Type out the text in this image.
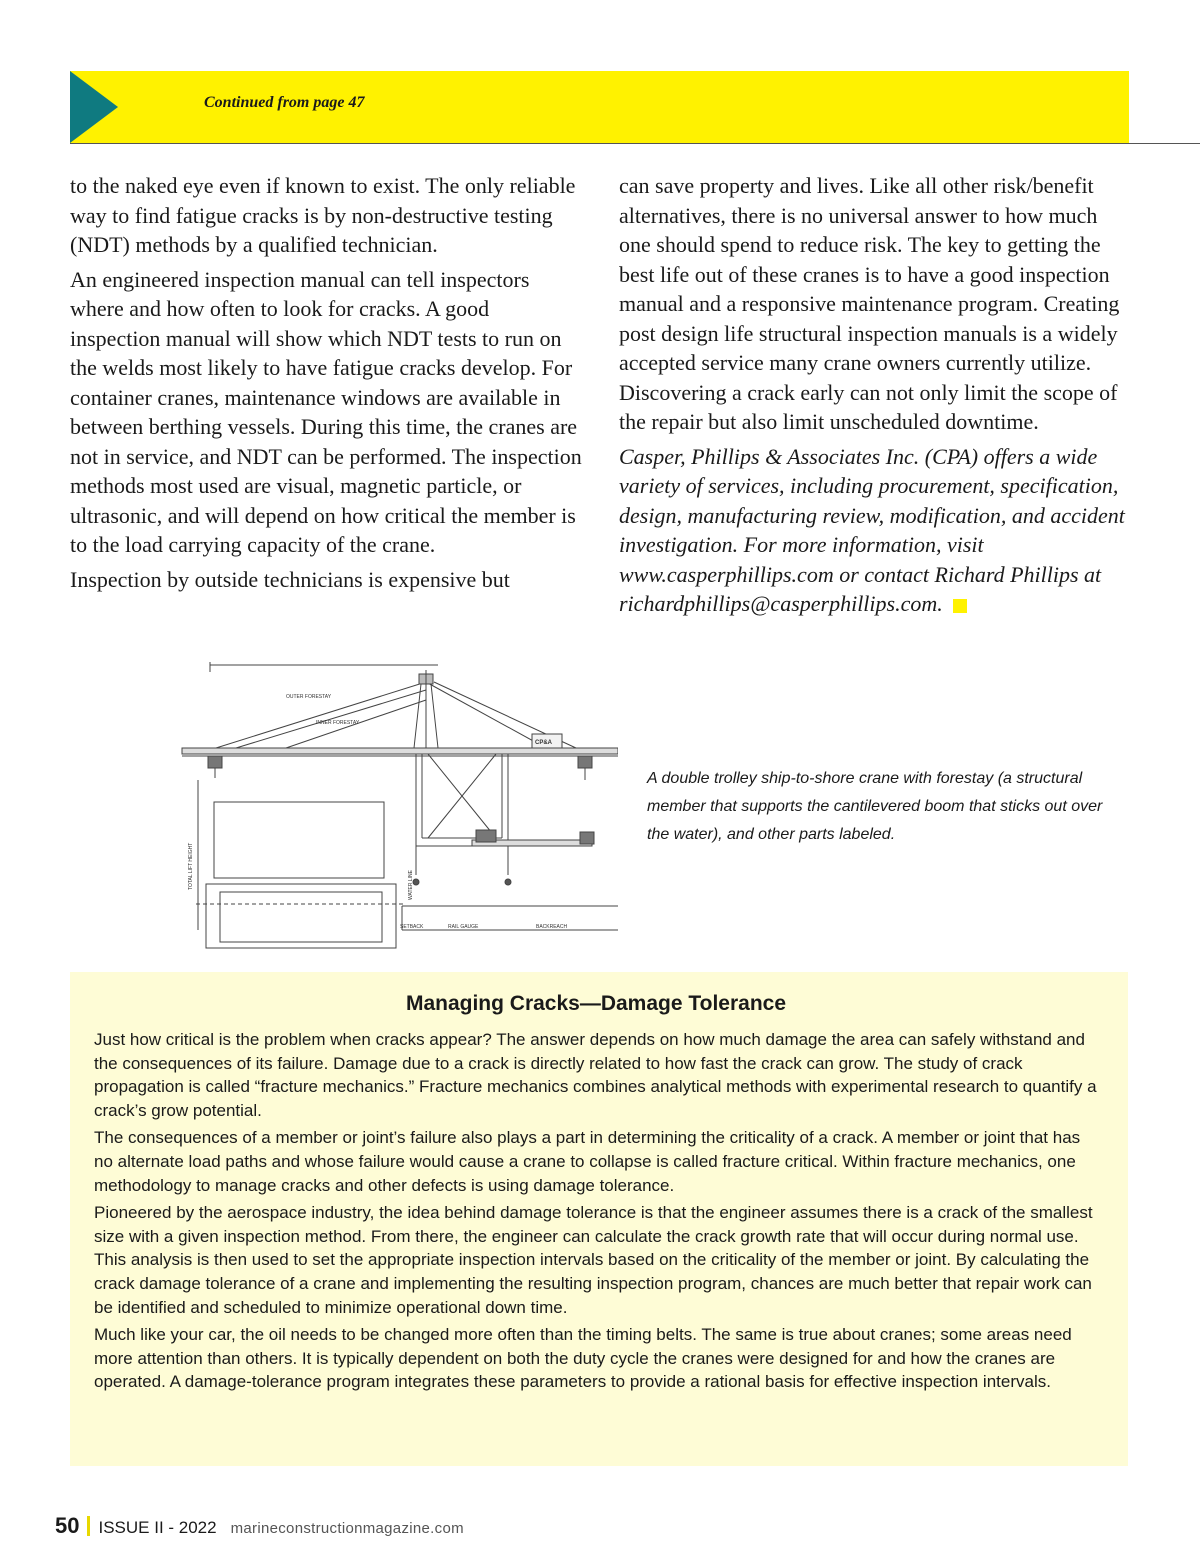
Continued from page 47

to the naked eye even if known to exist. The only reliable way to find fatigue cracks is by non-destructive testing (NDT) methods by a qualified technician.

An engineered inspection manual can tell inspectors where and how often to look for cracks. A good inspection manual will show which NDT tests to run on the welds most likely to have fatigue cracks develop. For container cranes, maintenance windows are available in between berthing vessels. During this time, the cranes are not in service, and NDT can be performed. The inspection methods most used are visual, magnetic particle, or ultrasonic, and will depend on how critical the member is to the load carrying capacity of the crane.

Inspection by outside technicians is expensive but

can save property and lives. Like all other risk/benefit alternatives, there is no universal answer to how much one should spend to reduce risk. The key to getting the best life out of these cranes is to have a good inspection manual and a responsive maintenance program. Creating post design life structural inspection manuals is a widely accepted service many crane owners currently utilize. Discovering a crack early can not only limit the scope of the repair but also limit unscheduled downtime.

Casper, Phillips & Associates Inc. (CPA) offers a wide variety of services, including procurement, specification, design, manufacturing review, modification, and accident investigation. For more information, visit www.casperphillips.com or contact Richard Phillips at richardphillips@casperphillips.com.

OUTER FORESTAY
INNER FORESTAY
CP&A
TOTAL LIFT HEIGHT	WATER LINE
SETBACK	RAIL GAUGE	BACKREACH
A double trolley ship-to-shore crane with forestay (a structural member that supports the cantilevered boom that sticks out over the water), and other parts labeled.
Managing Cracks—Damage Tolerance

Just how critical is the problem when cracks appear? The answer depends on how much damage the area can safely withstand and the consequences of its failure. Damage due to a crack is directly related to how fast the crack can grow. The study of crack propagation is called “fracture mechanics.” Fracture mechanics combines analytical methods with experimental research to quantify a crack’s grow potential.

The consequences of a member or joint’s failure also plays a part in determining the criticality of a crack. A member or joint that has no alternate load paths and whose failure would cause a crane to collapse is called fracture critical. Within fracture mechanics, one methodology to manage cracks and other defects is using damage tolerance.

Pioneered by the aerospace industry, the idea behind damage tolerance is that the engineer assumes there is a crack of the smallest size with a given inspection method. From there, the engineer can calculate the crack growth rate that will occur during normal use. This analysis is then used to set the appropriate inspection intervals based on the criticality of the member or joint. By calculating the crack damage tolerance of a crane and implementing the resulting inspection program, chances are much better that repair work can be identified and scheduled to minimize operational down time.

Much like your car, the oil needs to be changed more often than the timing belts. The same is true about cranes; some areas need more attention than others. It is typically dependent on both the duty cycle the cranes were designed for and how the cranes are operated. A damage-tolerance program integrates these parameters to provide a rational basis for effective inspection intervals.

50 ISSUE II - 2022 marineconstructionmagazine.com
